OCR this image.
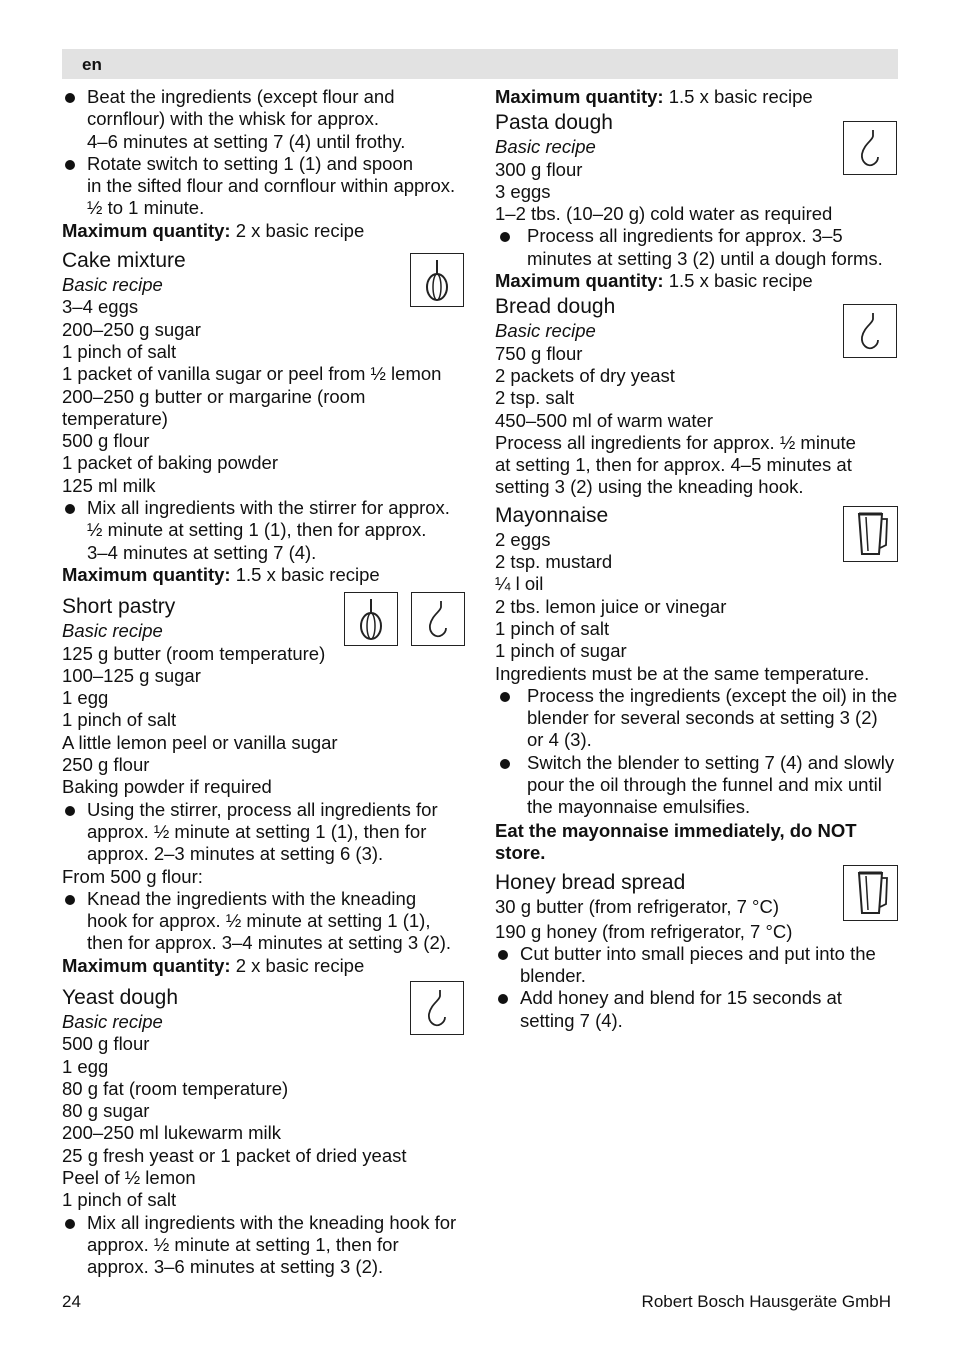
en
Beat the ingredients (except flour and
cornflour) with the whisk for approx.
4–6 minutes at setting 7 (4) until frothy.
Rotate switch to setting 1 (1) and spoon
in the sifted flour and cornflour within approx.
½ to 1 minute.
Maximum quantity: 2 x basic recipe
Cake mixture
Basic recipe
3–4 eggs
200–250 g sugar
1 pinch of salt
1 packet of vanilla sugar or peel from ½ lemon
200–250 g butter or margarine (room
temperature)
500 g flour
1 packet of baking powder
125 ml milk
Mix all ingredients with the stirrer for approx.
½ minute at setting 1 (1), then for approx.
3–4 minutes at setting 7 (4).
Maximum quantity: 1.5 x basic recipe
Short pastry
Basic recipe
125 g butter (room temperature)
100–125 g sugar
1 egg
1 pinch of salt
A little lemon peel or vanilla sugar
250 g flour
Baking powder if required
Using the stirrer, process all ingredients for
approx. ½ minute at setting 1 (1), then for
approx. 2–3 minutes at setting 6 (3).
From 500 g flour:
Knead the ingredients with the kneading
hook for approx. ½ minute at setting 1 (1),
then for approx. 3–4 minutes at setting 3 (2).
Maximum quantity: 2 x basic recipe
Yeast dough
Basic recipe
500 g flour
1 egg
80 g fat (room temperature)
80 g sugar
200–250 ml lukewarm milk
25 g fresh yeast or 1 packet of dried yeast
Peel of ½ lemon
1 pinch of salt
Mix all ingredients with the kneading hook for
approx. ½ minute at setting 1, then for
approx. 3–6 minutes at setting 3 (2).
Maximum quantity: 1.5 x basic recipe
Pasta dough
Basic recipe
300 g flour
3 eggs
1–2 tbs. (10–20 g) cold water as required
Process all ingredients for approx. 3–5
minutes at setting 3 (2) until a dough forms.
Maximum quantity: 1.5 x basic recipe
Bread dough
Basic recipe
750 g flour
2 packets of dry yeast
2 tsp. salt
450–500 ml of warm water
Process all ingredients for approx. ½ minute
at setting 1, then for approx. 4–5 minutes at
setting 3 (2) using the kneading hook.
Mayonnaise
2 eggs
2 tsp. mustard
¼ l oil
2 tbs. lemon juice or vinegar
1 pinch of salt
1 pinch of sugar
Ingredients must be at the same temperature.
Process the ingredients (except the oil) in the
blender for several seconds at setting 3 (2)
or 4 (3).
Switch the blender to setting 7 (4) and slowly
pour the oil through the funnel and mix until
the mayonnaise emulsifies.
Eat the mayonnaise immediately, do NOT
store.
Honey bread spread
30 g butter (from refrigerator, 7 °C)
190 g honey (from refrigerator, 7 °C)
Cut butter into small pieces and put into the
blender.
Add honey and blend for 15 seconds at
setting 7 (4).
24	Robert Bosch Hausgeräte GmbH
